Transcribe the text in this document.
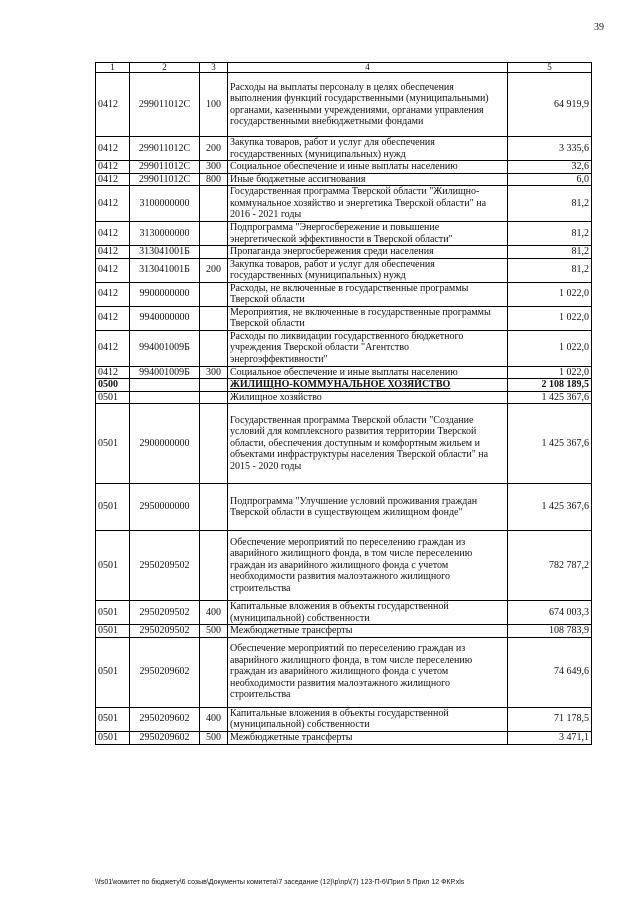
39
1	2	3	4	5
0412	299011012С	100	Расходы на выплаты персоналу в целях обеспечения выполнения функций государственными (муниципальными) органами, казенными учреждениями, органами управления государственными внебюджетными фондами	64 919,9
0412	299011012С	200	Закупка товаров, работ и услуг для обеспечения государственных (муниципальных) нужд	3 335,6
0412	299011012С	300	Социальное обеспечение и иные выплаты населению	32,6
0412	299011012С	800	Иные бюджетные ассигнования	6,0
0412	3100000000		Государственная программа Тверской области "Жилищно-коммунальное хозяйство и энергетика Тверской области" на 2016 - 2021 годы	81,2
0412	3130000000		Подпрограмма "Энергосбережение и повышение энергетической эффективности в Тверской области"	81,2
0412	313041001Б		Пропаганда энергосбережения среди населения	81,2
0412	313041001Б	200	Закупка товаров, работ и услуг для обеспечения государственных (муниципальных) нужд	81,2
0412	9900000000		Расходы, не включенные в государственные программы Тверской области	1 022,0
0412	9940000000		Мероприятия, не включенные в государственные программы Тверской области	1 022,0
0412	994001009Б		Расходы по ликвидации государственного бюджетного учреждения Тверской области "Агентство энергоэффективности"	1 022,0
0412	994001009Б	300	Социальное обеспечение и иные выплаты населению	1 022,0
0500			ЖИЛИЩНО-КОММУНАЛЬНОЕ ХОЗЯЙСТВО	2 108 189,5
0501			Жилищное хозяйство	1 425 367,6
0501	2900000000		Государственная программа Тверской области "Создание условий для комплексного развития территории Тверской области, обеспечения доступным и комфортным жильем и объектами инфраструктуры населения Тверской области" на 2015 - 2020 годы	1 425 367,6
0501	2950000000		Подпрограмма "Улучшение условий проживания граждан Тверской области в существующем жилищном фонде"	1 425 367,6
0501	2950209502		Обеспечение мероприятий по переселению граждан из аварийного жилищного фонда, в том числе переселению граждан из аварийного жилищного фонда с учетом необходимости развития малоэтажного жилищного строительства	782 787,2
0501	2950209502	400	Капитальные вложения в объекты государственной (муниципальной) собственности	674 003,3
0501	2950209502	500	Межбюджетные трансферты	108 783,9
0501	2950209602		Обеспечение мероприятий по переселению граждан из аварийного жилищного фонда, в том числе переселению граждан из аварийного жилищного фонда с учетом необходимости развития малоэтажного жилищного строительства	74 649,6
0501	2950209602	400	Капитальные вложения в объекты государственной (муниципальной) собственности	71 178,5
0501	2950209602	500	Межбюджетные трансферты	3 471,1
\\fs01\комитет по бюджету\6 созыв\Документы комитета\7 заседание (12)\p\np\(7) 123-П-6\Прил 5 Прил 12 ФКР.xls
